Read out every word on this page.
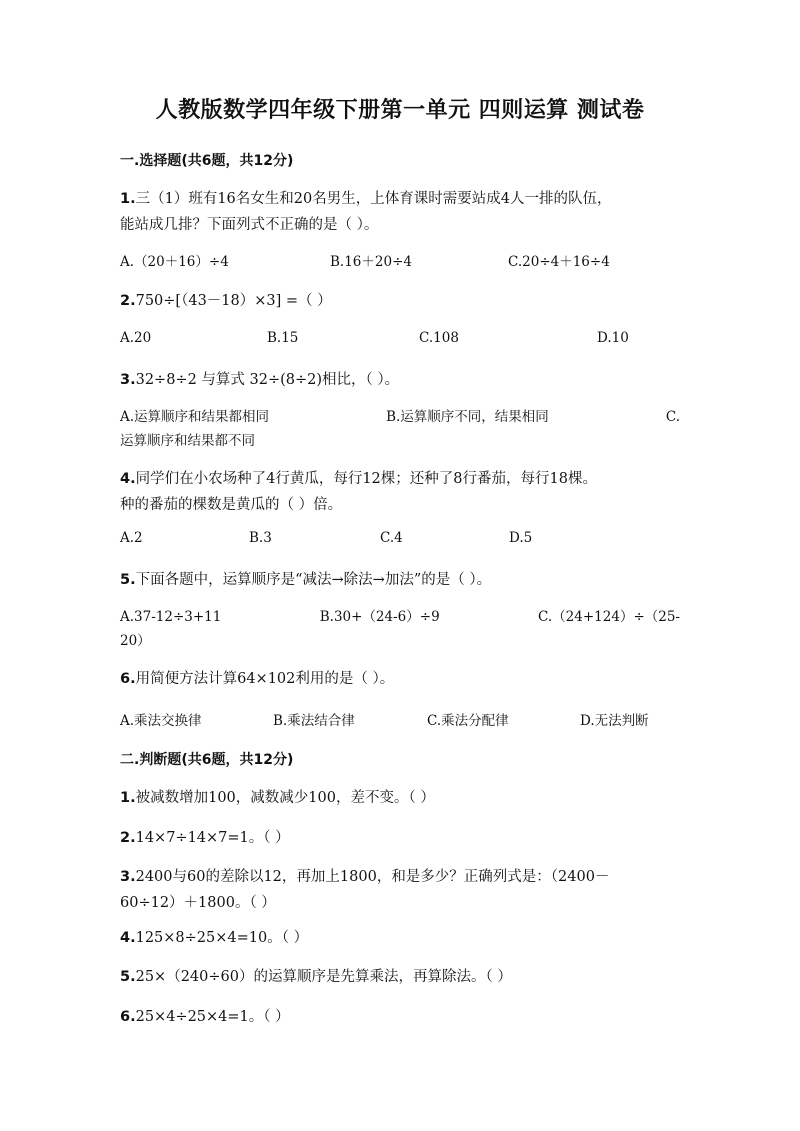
人教版数学四年级下册第一单元 四则运算 测试卷
一.选择题(共6题，共12分)
1.三（1）班有16名女生和20名男生，上体育课时需要站成4人一排的队伍，
能站成几排？下面列式不正确的是（ ）。
A.（20＋16）÷4	B.16＋20÷4	C.20÷4＋16÷4
2.750÷[（43－18）×3] =（ ）
A.20	B.15	C.108	D.10
3.32÷8÷2 与算式 32÷(8÷2)相比，（ ）。
A.运算顺序和结果都相同	B.运算顺序不同，结果相同	C.
运算顺序和结果都不同
4.同学们在小农场种了4行黄瓜，每行12棵；还种了8行番茄，每行18棵。
种的番茄的棵数是黄瓜的（ ）倍。
A.2	B.3	C.4	D.5
5.下面各题中，运算顺序是“减法→除法→加法”的是（ ）。
A.37-12÷3+11	B.30+（24-6）÷9	C.（24+124）÷（25-
20）
6.用简便方法计算64×102利用的是（ ）。
A.乘法交换律	B.乘法结合律	C.乘法分配律	D.无法判断
二.判断题(共6题，共12分)
1.被减数增加100，减数减少100，差不变。（ ）
2.14×7÷14×7=1。（ ）
3.2400与60的差除以12，再加上1800，和是多少？正确列式是：（2400－
60÷12）＋1800。（ ）
4.125×8÷25×4=10。（ ）
5.25×（240÷60）的运算顺序是先算乘法，再算除法。（ ）
6.25×4÷25×4=1。（ ）
